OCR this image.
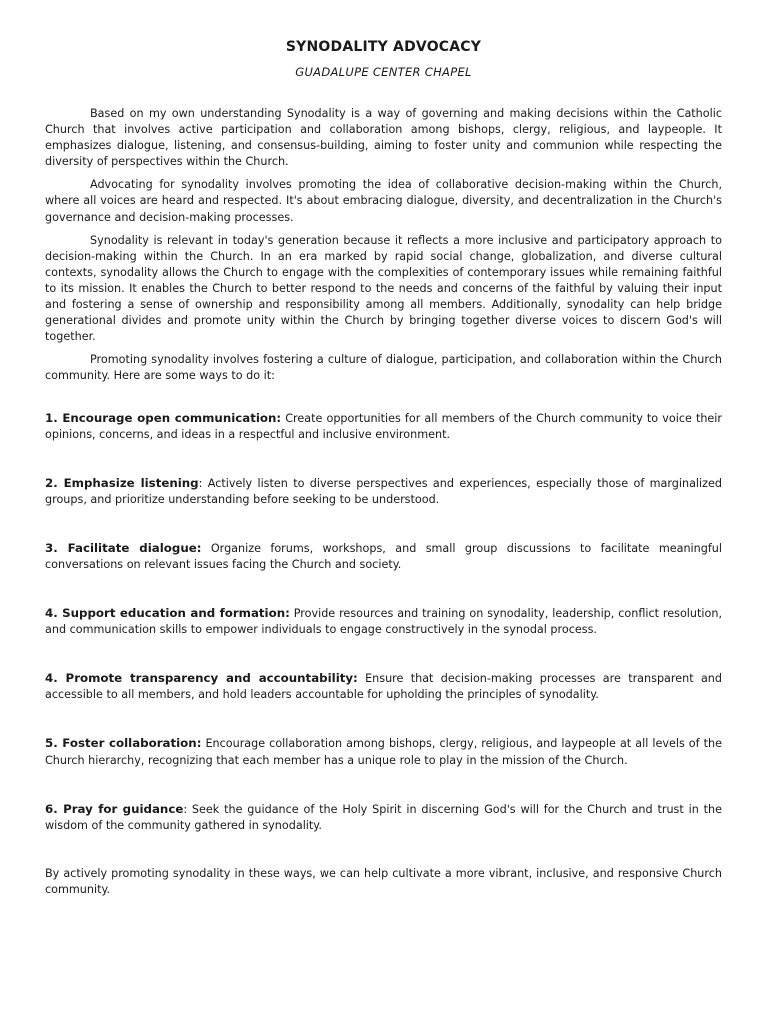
SYNODALITY ADVOCACY

GUADALUPE CENTER CHAPEL

Based on my own understanding Synodality is a way of governing and making decisions within the Catholic Church that involves active participation and collaboration among bishops, clergy, religious, and laypeople. It emphasizes dialogue, listening, and consensus-building, aiming to foster unity and communion while respecting the diversity of perspectives within the Church.

Advocating for synodality involves promoting the idea of collaborative decision-making within the Church, where all voices are heard and respected. It's about embracing dialogue, diversity, and decentralization in the Church's governance and decision-making processes.

Synodality is relevant in today's generation because it reflects a more inclusive and participatory approach to decision-making within the Church. In an era marked by rapid social change, globalization, and diverse cultural contexts, synodality allows the Church to engage with the complexities of contemporary issues while remaining faithful to its mission. It enables the Church to better respond to the needs and concerns of the faithful by valuing their input and fostering a sense of ownership and responsibility among all members. Additionally, synodality can help bridge generational divides and promote unity within the Church by bringing together diverse voices to discern God's will together.

Promoting synodality involves fostering a culture of dialogue, participation, and collaboration within the Church community. Here are some ways to do it:

1. Encourage open communication: Create opportunities for all members of the Church community to voice their opinions, concerns, and ideas in a respectful and inclusive environment.

2. Emphasize listening: Actively listen to diverse perspectives and experiences, especially those of marginalized groups, and prioritize understanding before seeking to be understood.

3. Facilitate dialogue: Organize forums, workshops, and small group discussions to facilitate meaningful conversations on relevant issues facing the Church and society.

4. Support education and formation: Provide resources and training on synodality, leadership, conflict resolution, and communication skills to empower individuals to engage constructively in the synodal process.

4. Promote transparency and accountability: Ensure that decision-making processes are transparent and accessible to all members, and hold leaders accountable for upholding the principles of synodality.

5. Foster collaboration: Encourage collaboration among bishops, clergy, religious, and laypeople at all levels of the Church hierarchy, recognizing that each member has a unique role to play in the mission of the Church.

6. Pray for guidance: Seek the guidance of the Holy Spirit in discerning God's will for the Church and trust in the wisdom of the community gathered in synodality.

By actively promoting synodality in these ways, we can help cultivate a more vibrant, inclusive, and responsive Church community.
